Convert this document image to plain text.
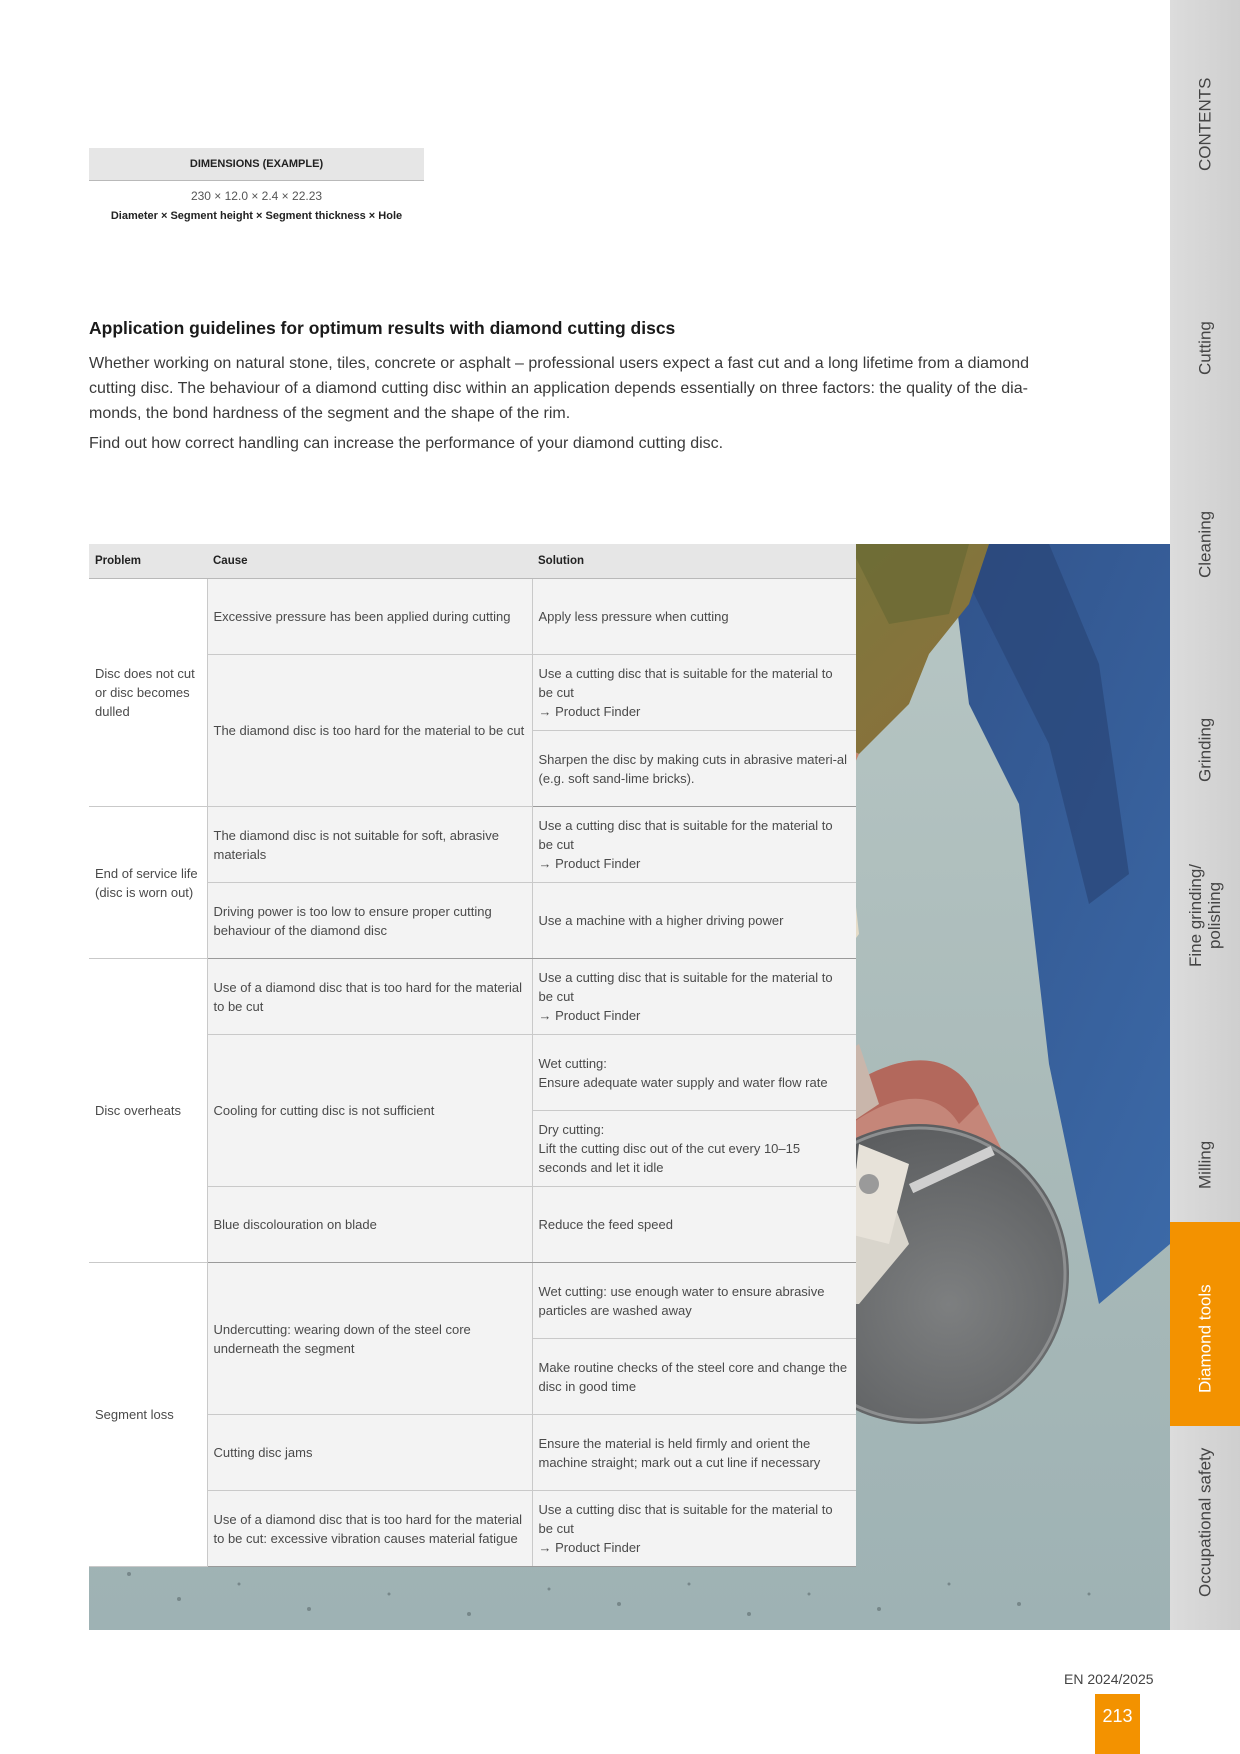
DIMENSIONS (EXAMPLE)
230 × 12.0 × 2.4 × 22.23
Diameter × Segment height × Segment thickness × Hole
Application guidelines for optimum results with diamond cutting discs

Whether working on natural stone, tiles, concrete or asphalt – professional users expect a fast cut and a long lifetime from a diamond cutting disc. The behaviour of a diamond cutting disc within an application depends essentially on three factors: the quality of the dia-monds, the bond hardness of the segment and the shape of the rim.

Find out how correct handling can increase the performance of your diamond cutting disc.

Problem	Cause	Solution
Disc does not cut or disc becomes dulled	Excessive pressure has been applied during cutting	Apply less pressure when cutting
	The diamond disc is too hard for the material to be cut	Use a cutting disc that is suitable for the material to be cut
→ Product Finder

		Sharpen the disc by making cuts in abrasive materi-al (e.g. soft sand-lime bricks).
End of service life (disc is worn out)	The diamond disc is not suitable for soft, abrasive materials	Use a cutting disc that is suitable for the material to be cut
→ Product Finder

	Driving power is too low to ensure proper cutting behaviour of the diamond disc	Use a machine with a higher driving power
Disc overheats	Use of a diamond disc that is too hard for the material to be cut	Use a cutting disc that is suitable for the material to be cut
→ Product Finder

	Cooling for cutting disc is not sufficient	Wet cutting:
Ensure adequate water supply and water flow rate

		Dry cutting:
Lift the cutting disc out of the cut every 10–15 seconds and let it idle

	Blue discolouration on blade	Reduce the feed speed
Segment loss	Undercutting: wearing down of the steel core underneath the segment	Wet cutting: use enough water to ensure abrasive particles are washed away
		Make routine checks of the steel core and change the disc in good time
	Cutting disc jams	Ensure the material is held firmly and orient the machine straight; mark out a cut line if necessary
	Use of a diamond disc that is too hard for the material to be cut: excessive vibration causes material fatigue	Use a cutting disc that is suitable for the material to be cut
→ Product Finder
CONTENTS
Cutting
Cleaning
Grinding
Fine grinding/ polishing
Milling
Diamond tools
Occupational safety
EN 2024/2025
213
